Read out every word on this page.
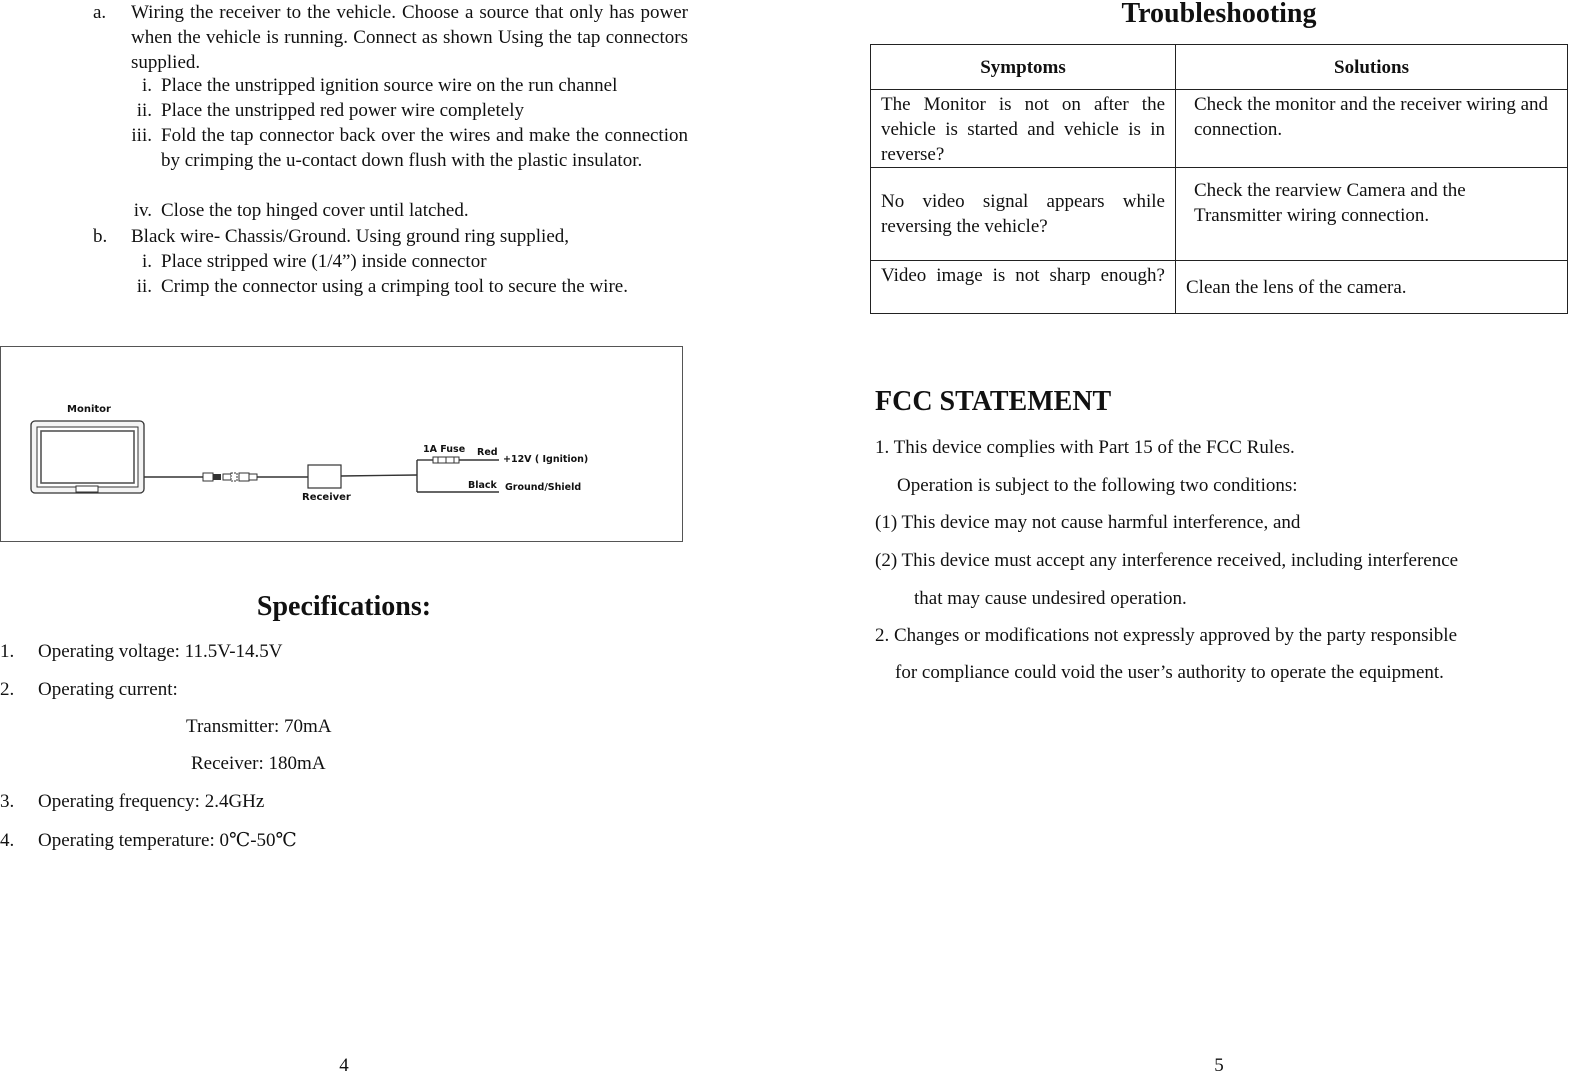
a. Wiring the receiver to the vehicle. Choose a source that only has power when the vehicle is running. Connect as shown Using the tap connectors supplied.
i. Place the unstripped ignition source wire on the run channel
ii. Place the unstripped red power wire completely
iii. Fold the tap connector back over the wires and make the connection by crimping the u-contact down flush with the plastic insulator.
iv. Close the top hinged cover until latched.
b. Black wire- Chassis/Ground. Using ground ring supplied,
i. Place stripped wire (1/4”) inside connector
ii. Crimp the connector using a crimping tool to secure the wire.
Monitor
Receiver
1A Fuse Red
+12V ( Ignition)
Black Ground/Shield
Specifications:
1. Operating voltage: 11.5V-14.5V
2. Operating current:
Transmitter: 70mA
Receiver: 180mA
3. Operating frequency: 2.4GHz
4. Operating temperature: 0℃-50℃
4
Troubleshooting
Symptoms	Solutions
The Monitor is not on after the vehicle is started and vehicle is in reverse?	Check the monitor and the receiver wiring and connection.
No video signal appears while reversing the vehicle?	Check the rearview Camera and the Transmitter wiring connection.
Video image is not sharp enough?	Clean the lens of the camera.
FCC STATEMENT
1. This device complies with Part 15 of the FCC Rules.
Operation is subject to the following two conditions:
(1) This device may not cause harmful interference, and
(2) This device must accept any interference received, including interference
that may cause undesired operation.
2. Changes or modifications not expressly approved by the party responsible
for compliance could void the user’s authority to operate the equipment.
5
